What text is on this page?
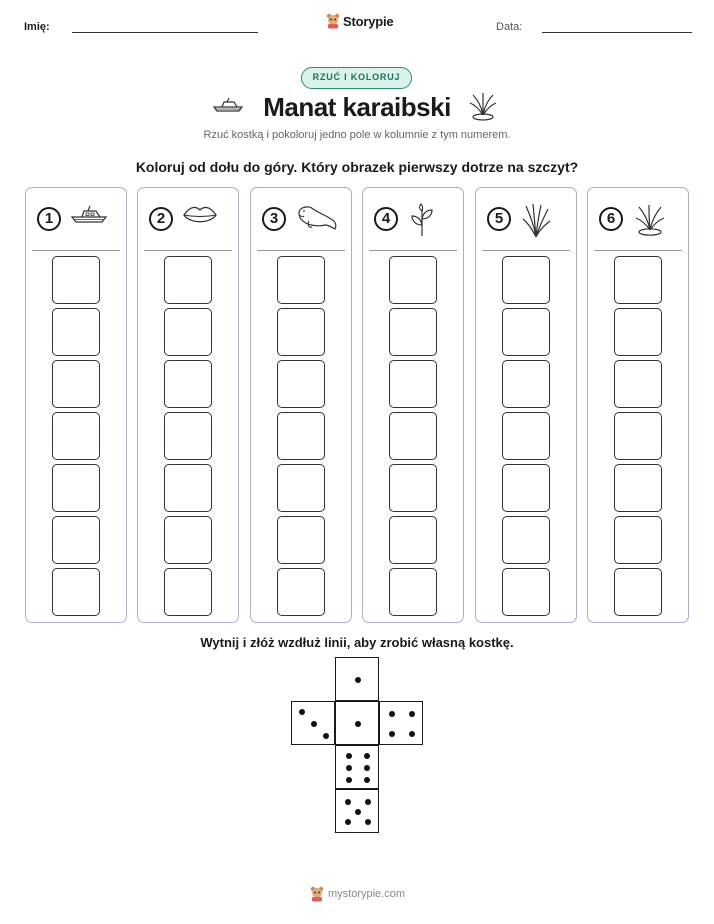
Imię:	Storypie	Data:
RZUĆ I KOLORUJ
Manat karaibski
Rzuć kostką i pokoloruj jedno pole w kolumnie z tym numerem.
Koloruj od dołu do góry. Który obrazek pierwszy dotrze na szczyt?
1	2	3	4	5	6
Wytnij i złóż wzdłuż linii, aby zrobić własną kostkę.
mystorypie.com
